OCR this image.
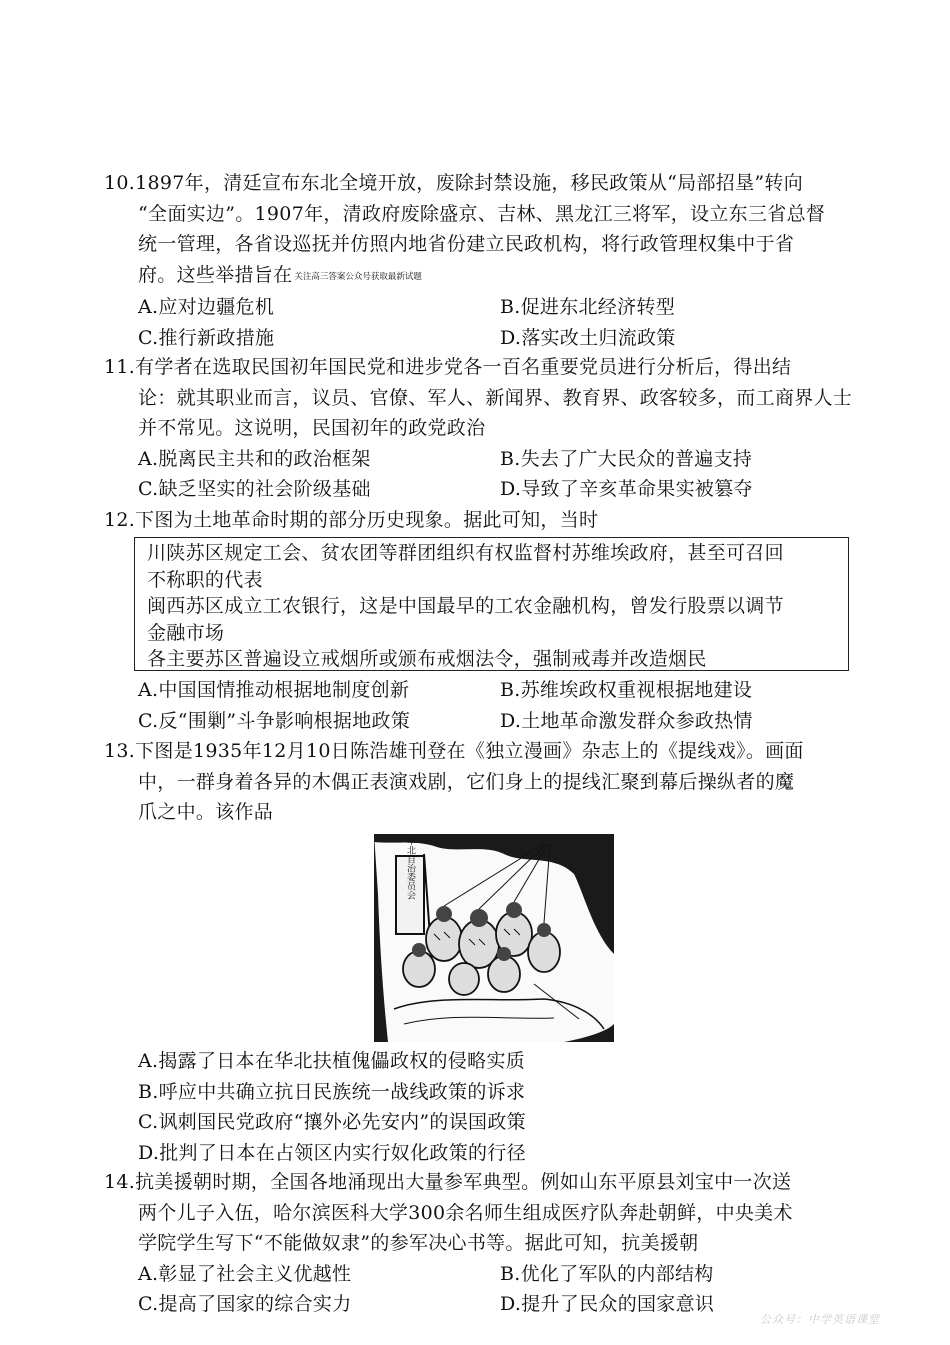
10.1897年，清廷宣布东北全境开放，废除封禁设施，移民政策从“局部招垦”转向
“全面实边”。1907年，清政府废除盛京、吉林、黑龙江三将军，设立东三省总督
统一管理，各省设巡抚并仿照内地省份建立民政机构，将行政管理权集中于省
府。这些举措旨在 关注高三答案公众号获取最新试题
A.应对边疆危机	B.促进东北经济转型
C.推行新政措施	D.落实改土归流政策
11.有学者在选取民国初年国民党和进步党各一百名重要党员进行分析后，得出结
论：就其职业而言，议员、官僚、军人、新闻界、教育界、政客较多，而工商界人士
并不常见。这说明，民国初年的政党政治
A.脱离民主共和的政治框架	B.失去了广大民众的普遍支持
C.缺乏坚实的社会阶级基础	D.导致了辛亥革命果实被篡夺
12.下图为土地革命时期的部分历史现象。据此可知，当时

川陕苏区规定工会、贫农团等群团组织有权监督村苏维埃政府，甚至可召回

不称职的代表

闽西苏区成立工农银行，这是中国最早的工农金融机构，曾发行股票以调节

金融市场

各主要苏区普遍设立戒烟所或颁布戒烟法令，强制戒毒并改造烟民

A.中国国情推动根据地制度创新	B.苏维埃政权重视根据地建设
C.反“围剿”斗争影响根据地政策	D.土地革命激发群众参政热情
13.下图是1935年12月10日陈浩雄刊登在《独立漫画》杂志上的《提线戏》。画面
中，一群身着各异的木偶正表演戏剧，它们身上的提线汇聚到幕后操纵者的魔
爪之中。该作品
华北自治委员会
山
A.揭露了日本在华北扶植傀儡政权的侵略实质
B.呼应中共确立抗日民族统一战线政策的诉求
C.讽刺国民党政府“攘外必先安内”的误国政策
D.批判了日本在占领区内实行奴化政策的行径
14.抗美援朝时期，全国各地涌现出大量参军典型。例如山东平原县刘宝中一次送
两个儿子入伍，哈尔滨医科大学300余名师生组成医疗队奔赴朝鲜，中央美术
学院学生写下“不能做奴隶”的参军决心书等。据此可知，抗美援朝
A.彰显了社会主义优越性	B.优化了军队的内部结构
C.提高了国家的综合实力	D.提升了民众的国家意识
公众号：中学英语课堂
